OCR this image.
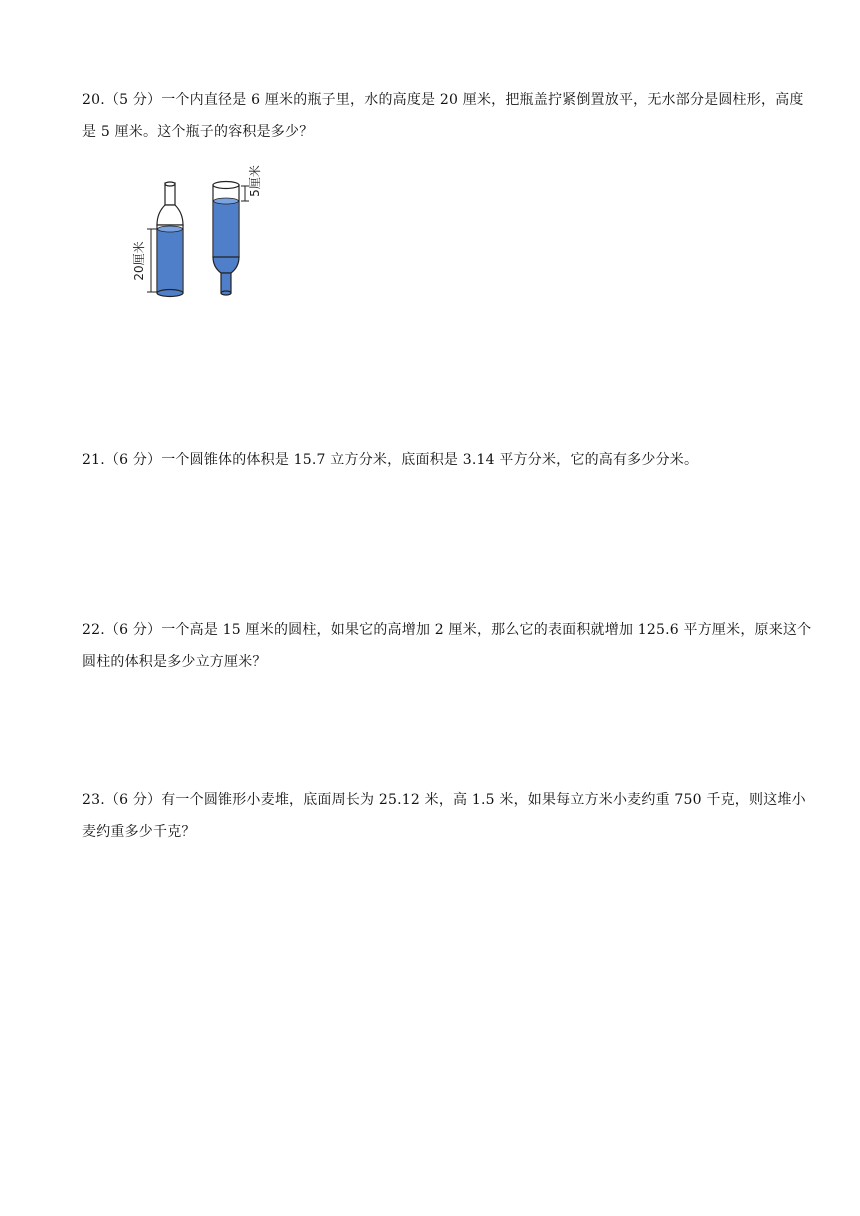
20.（5 分）一个内直径是 6 厘米的瓶子里，水的高度是 20 厘米，把瓶盖拧紧倒置放平，无水部分是圆柱形，高度是 5 厘米。这个瓶子的容积是多少？
20厘米
5厘米
21.（6 分）一个圆锥体的体积是 15.7 立方分米，底面积是 3.14 平方分米，它的高有多少分米。
22.（6 分）一个高是 15 厘米的圆柱，如果它的高增加 2 厘米，那么它的表面积就增加 125.6 平方厘米，原来这个圆柱的体积是多少立方厘米？
23.（6 分）有一个圆锥形小麦堆，底面周长为 25.12 米，高 1.5 米，如果每立方米小麦约重 750 千克，则这堆小麦约重多少千克？
